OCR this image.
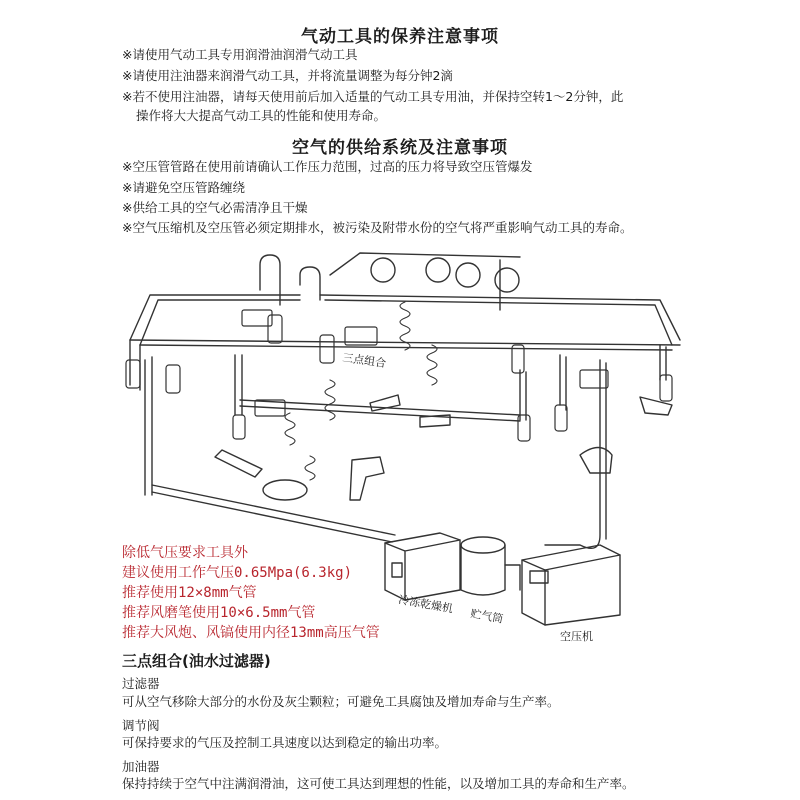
气动工具的保养注意事项
※请使用气动工具专用润滑油润滑气动工具
※请使用注油器来润滑气动工具，并将流量调整为每分钟2滴
※若不使用注油器，请每天使用前后加入适量的气动工具专用油，并保持空转1～2分钟，此
操作将大大提高气动工具的性能和使用寿命。
空气的供给系统及注意事项
※空压管管路在使用前请确认工作压力范围，过高的压力将导致空压管爆发
※请避免空压管路缠绕
※供给工具的空气必需清净且干燥
※空气压缩机及空压管必须定期排水，被污染及附带水份的空气将严重影响气动工具的寿命。
三点组合
冷冻乾燥机
贮气筒
空压机
除低气压要求工具外
建议使用工作气压0.65Mpa(6.3kg)
推荐使用12×8mm气管
推荐风磨笔使用10×6.5mm气管
推荐大风炮、风镐使用内径13mm高压气管
三点组合(油水过滤器)
过滤器
可从空气移除大部分的水份及灰尘颗粒；可避免工具腐蚀及增加寿命与生产率。
调节阀
可保持要求的气压及控制工具速度以达到稳定的输出功率。
加油器
保持持续于空气中注满润滑油，这可使工具达到理想的性能，以及增加工具的寿命和生产率。
